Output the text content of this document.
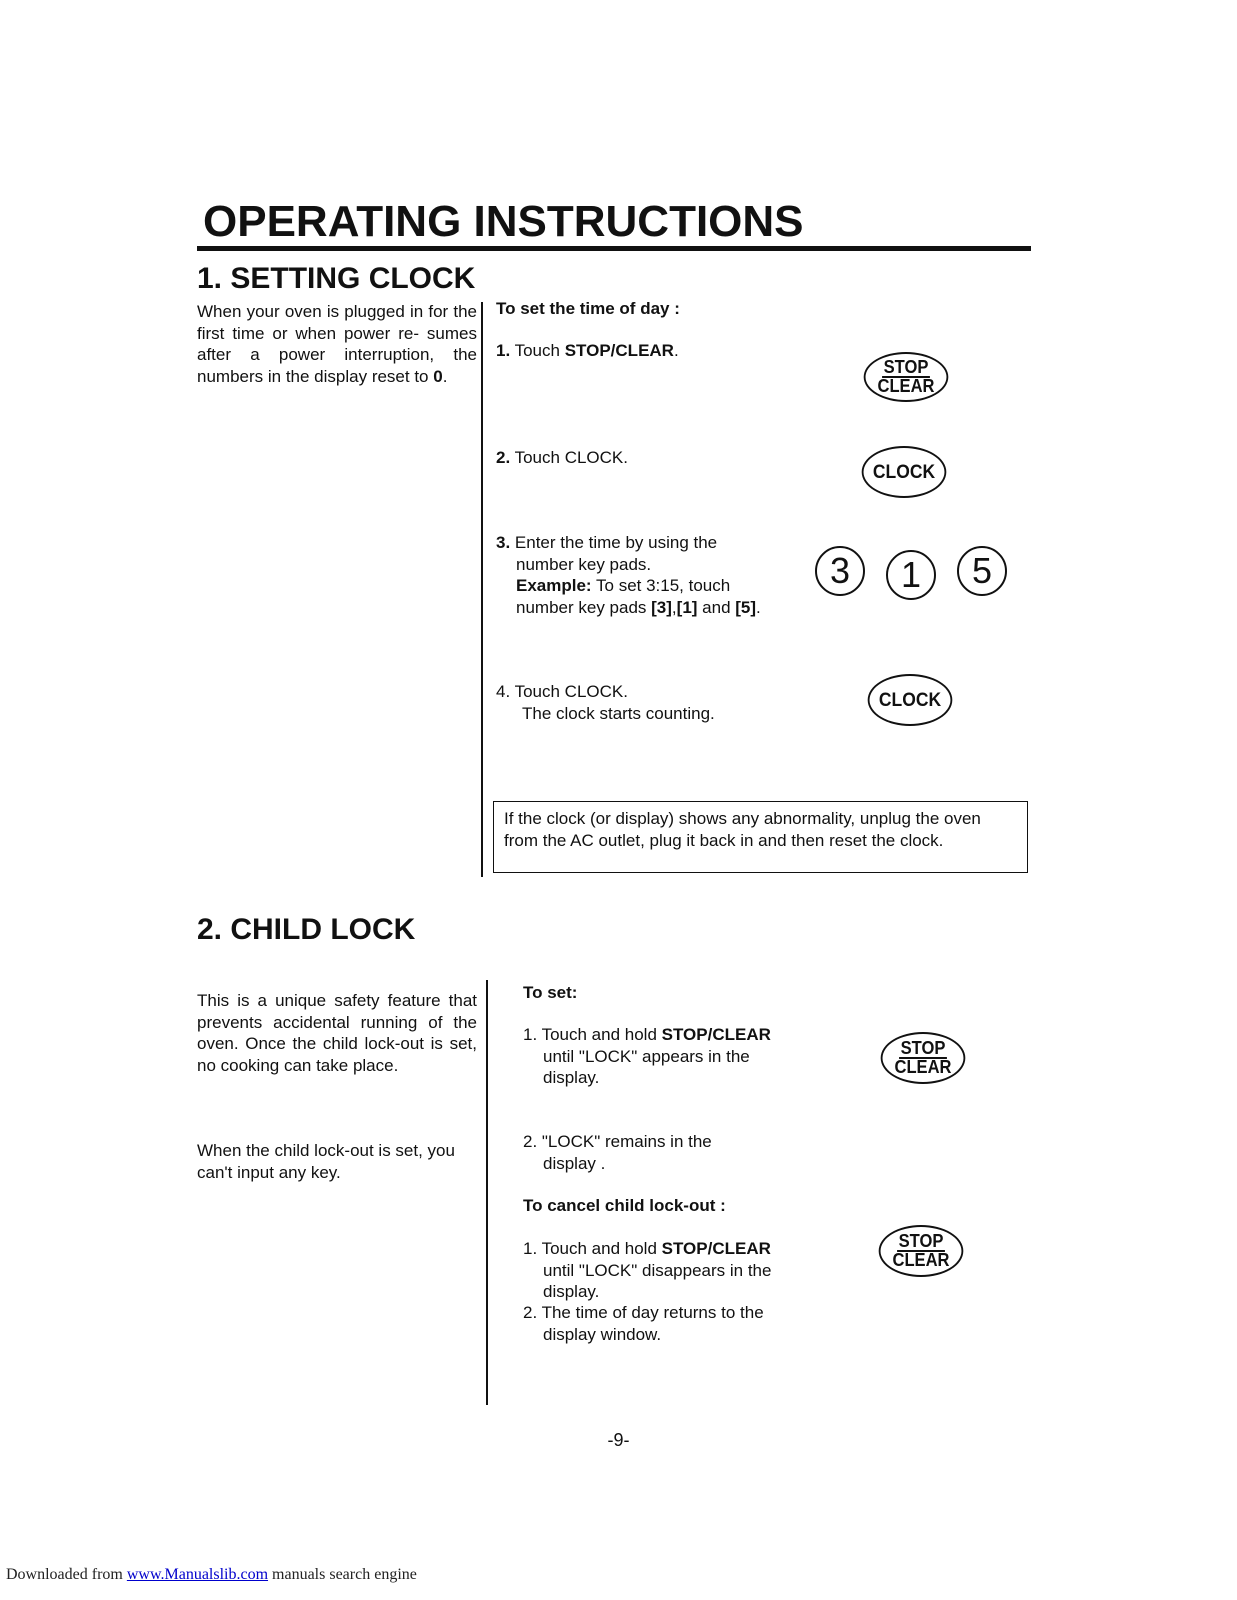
OPERATING INSTRUCTIONS
1. SETTING CLOCK
When your oven is plugged in for the first time or when power re- sumes after a power interruption, the numbers in the display reset to 0.
To set the time of day :
1. Touch STOP/CLEAR.
2. Touch CLOCK.
3. Enter the time by using the
number key pads.
Example: To set 3:15, touch
number key pads [3],[1] and [5].
4. Touch CLOCK.
The clock starts counting.
STOP
CLEAR
CLOCK
3 1 5
CLOCK
If the clock (or display) shows any abnormality, unplug the oven from the AC outlet, plug it back in and then reset the clock.
2. CHILD LOCK
This is a unique safety feature that prevents accidental running of the oven. Once the child lock-out is set, no cooking can take place.
When the child lock-out is set, you can't input any key.
To set:
1. Touch and hold STOP/CLEAR
until "LOCK" appears in the
display.
2. "LOCK" remains in the
display .
To cancel child lock-out :
1. Touch and hold STOP/CLEAR
until "LOCK" disappears in the
display.
2. The time of day returns to the
display window.
STOP
CLEAR
STOP
CLEAR
-9-
Downloaded from www.Manualslib.com manuals search engine
